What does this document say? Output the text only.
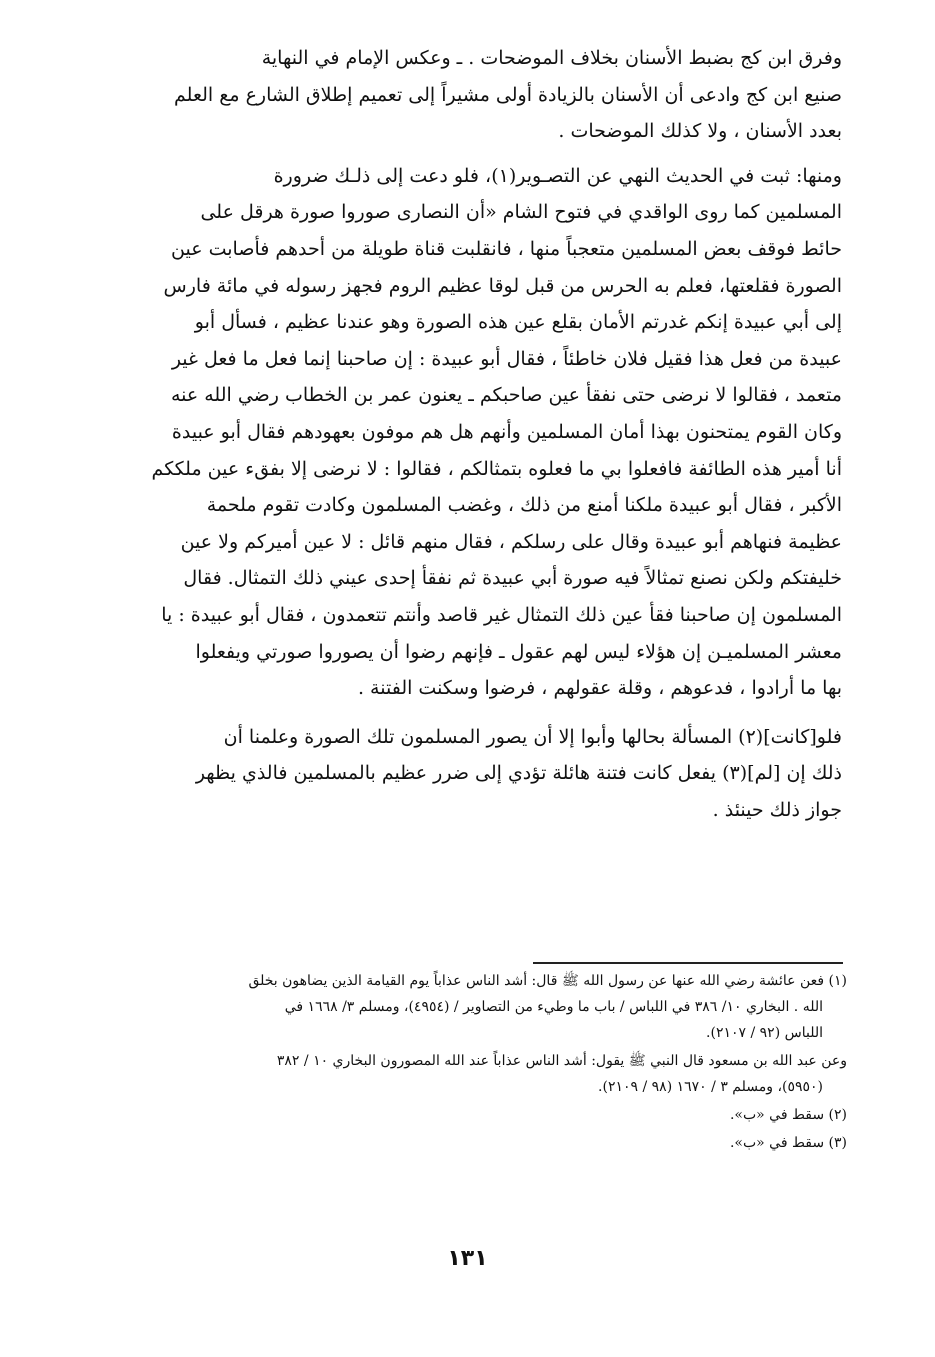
وفرق ابن كج بضبط الأسنان بخلاف الموضحات . ـ وعكس الإمام في النهاية
صنيع ابن كج وادعى أن الأسنان بالزيادة أولى مشيراً إلى تعميم إطلاق الشارع مع العلم
بعدد الأسنان ، ولا كذلك الموضحات .

ومنها: ثبت في الحديث النهي عن التصـوير(١)، فلو دعت إلى ذلـك ضرورة
المسلمين كما روى الواقدي في فتوح الشام «أن النصارى صوروا صورة هرقل على
حائط فوقف بعض المسلمين متعجباً منها ، فانقلبت قناة طويلة من أحدهم فأصابت عين
الصورة فقلعتها، فعلم به الحرس من قبل لوقا عظيم الروم فجهز رسوله في مائة فارس
إلى أبي عبيدة إنكم غدرتم الأمان بقلع عين هذه الصورة وهو عندنا عظيم ، فسأل أبو
عبيدة من فعل هذا فقيل فلان خاطئاً ، فقال أبو عبيدة : إن صاحبنا إنما فعل ما فعل غير
متعمد ، فقالوا لا نرضى حتى نفقأ عين صاحبكم ـ يعنون عمر بن الخطاب رضي الله عنه
وكان القوم يمتحنون بهذا أمان المسلمين وأنهم هل هم موفون بعهودهم فقال أبو عبيدة
أنا أمير هذه الطائفة فافعلوا بي ما فعلوه بتمثالكم ، فقالوا : لا نرضى إلا بفقء عين ملككم
الأكبر ، فقال أبو عبيدة ملكنا أمنع من ذلك ، وغضب المسلمون وكادت تقوم ملحمة
عظيمة فنهاهم أبو عبيدة وقال على رسلكم ، فقال منهم قائل : لا عين أميركم ولا عين
خليفتكم ولكن نصنع تمثالاً فيه صورة أبي عبيدة ثم نفقأ إحدى عيني ذلك التمثال. فقال
المسلمون إن صاحبنا فقأ عين ذلك التمثال غير قاصد وأنتم تتعمدون ، فقال أبو عبيدة : يا
معشر المسلميـن إن هؤلاء ليس لهم عقول ـ فإنهم رضوا أن يصوروا صورتي ويفعلوا
بها ما أرادوا ، فدعوهم ، وقلة عقولهم ، فرضوا وسكنت الفتنة .

فلو[كانت](٢) المسألة بحالها وأبوا إلا أن يصور المسلمون تلك الصورة وعلمنا أن
ذلك إن [لم](٣) يفعل كانت فتنة هائلة تؤدي إلى ضرر عظيم بالمسلمين فالذي يظهر
جواز ذلك حينئذ .

(١) فعن عائشة رضي الله عنها عن رسول الله ﷺ قال: أشد الناس عذاباً يوم القيامة الذين يضاهون بخلق
الله . البخاري ١٠/ ٣٨٦ في اللباس / باب ما وطيء من التصاوير / (٤٩٥٤)، ومسلم ٣/ ١٦٦٨ في
اللباس (٩٢ / ٢١٠٧).
وعن عبد الله بن مسعود قال النبي ﷺ يقول: أشد الناس عذاباً عند الله المصورون البخاري ١٠ / ٣٨٢
(٥٩٥٠)، ومسلم ٣ / ١٦٧٠ (٩٨ / ٢١٠٩).
(٢) سقط في «ب».
(٣) سقط في «ب».
١٣١
